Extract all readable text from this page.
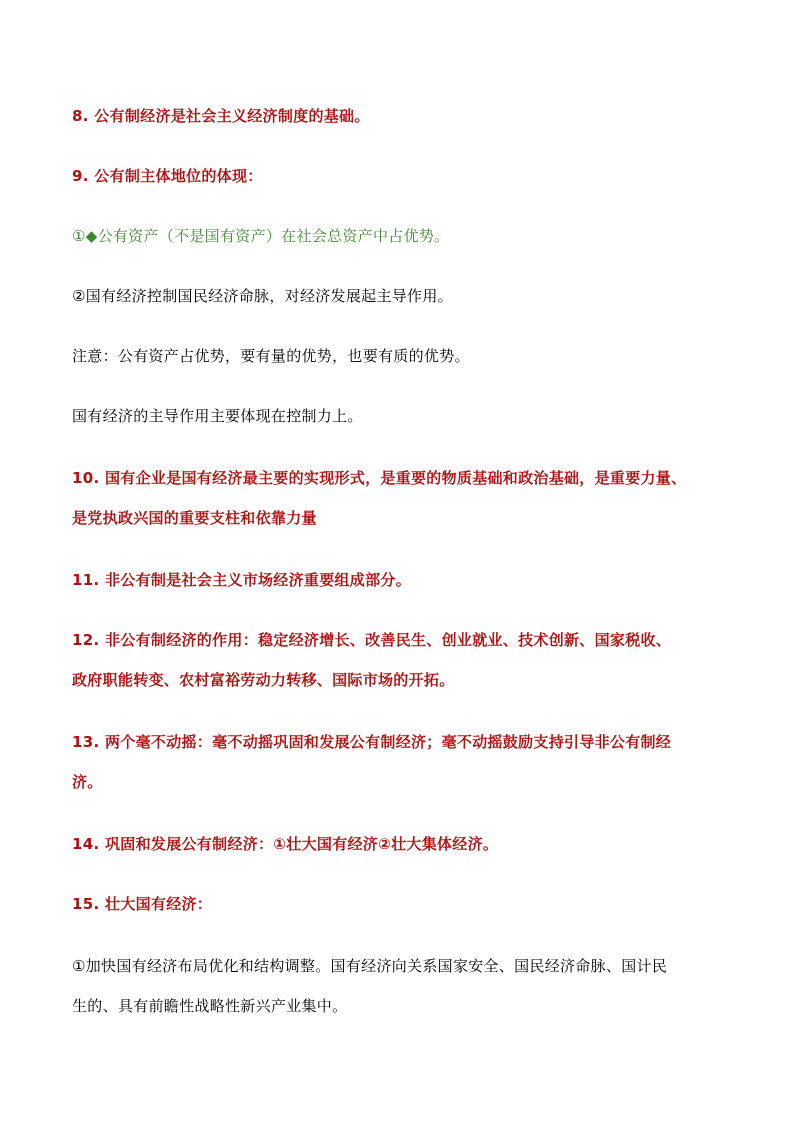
8. 公有制经济是社会主义经济制度的基础。
9. 公有制主体地位的体现：
①◆公有资产（不是国有资产）在社会总资产中占优势。
②国有经济控制国民经济命脉，对经济发展起主导作用。
注意：公有资产占优势，要有量的优势，也要有质的优势。
国有经济的主导作用主要体现在控制力上。
10. 国有企业是国有经济最主要的实现形式，是重要的物质基础和政治基础，是重要力量、
是党执政兴国的重要支柱和依靠力量
11. 非公有制是社会主义市场经济重要组成部分。
12. 非公有制经济的作用：稳定经济增长、改善民生、创业就业、技术创新、国家税收、
政府职能转变、农村富裕劳动力转移、国际市场的开拓。
13. 两个毫不动摇：毫不动摇巩固和发展公有制经济；毫不动摇鼓励支持引导非公有制经
济。
14. 巩固和发展公有制经济：①壮大国有经济②壮大集体经济。
15. 壮大国有经济：
①加快国有经济布局优化和结构调整。国有经济向关系国家安全、国民经济命脉、国计民
生的、具有前瞻性战略性新兴产业集中。
